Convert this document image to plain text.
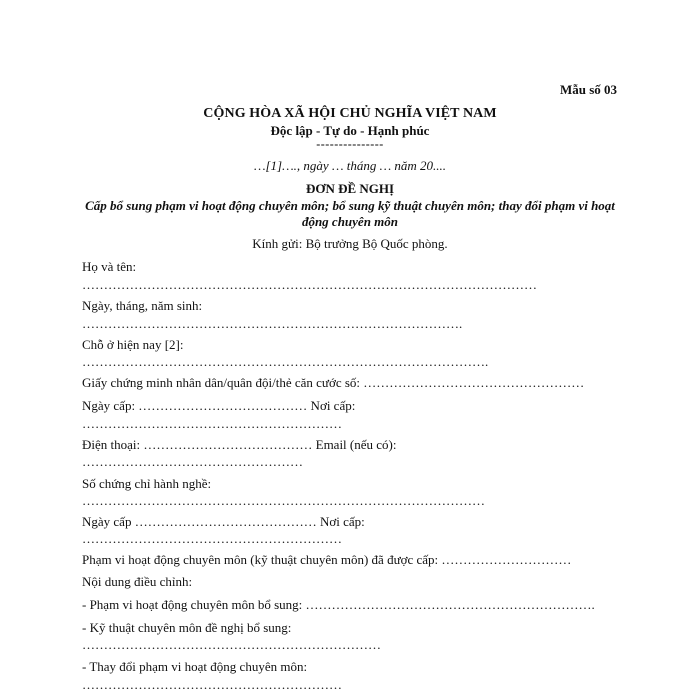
Mẫu số 03
CỘNG HÒA XÃ HỘI CHỦ NGHĨA VIỆT NAM
Độc lập - Tự do - Hạnh phúc
---------------
…[1]…., ngày … tháng … năm 20....
ĐƠN ĐỀ NGHỊ
Cấp bổ sung phạm vi hoạt động chuyên môn; bổ sung kỹ thuật chuyên môn; thay đổi phạm vi hoạt động chuyên môn
Kính gửi: Bộ trưởng Bộ Quốc phòng.
Họ và tên:
……………………………………………………………………………………………
Ngày, tháng, năm sinh:
…………………………………………………………………………….
Chỗ ở hiện nay [2]:
………………………………………………………………………………….
Giấy chứng minh nhân dân/quân đội/thẻ căn cước số: ……………………………………………
Ngày cấp: ………………………………… Nơi cấp:
……………………………………………………
Điện thoại: ………………………………… Email (nếu có):
……………………………………………
Số chứng chỉ hành nghề:
…………………………………………………………………………………
Ngày cấp …………………………………… Nơi cấp:
……………………………………………………
Phạm vi hoạt động chuyên môn (kỹ thuật chuyên môn) đã được cấp: …………………………
Nội dung điều chỉnh:
- Phạm vi hoạt động chuyên môn bổ sung: ………………………………………………………….
- Kỹ thuật chuyên môn đề nghị bổ sung:
……………………………………………………………
- Thay đổi phạm vi hoạt động chuyên môn:
……………………………………………………
